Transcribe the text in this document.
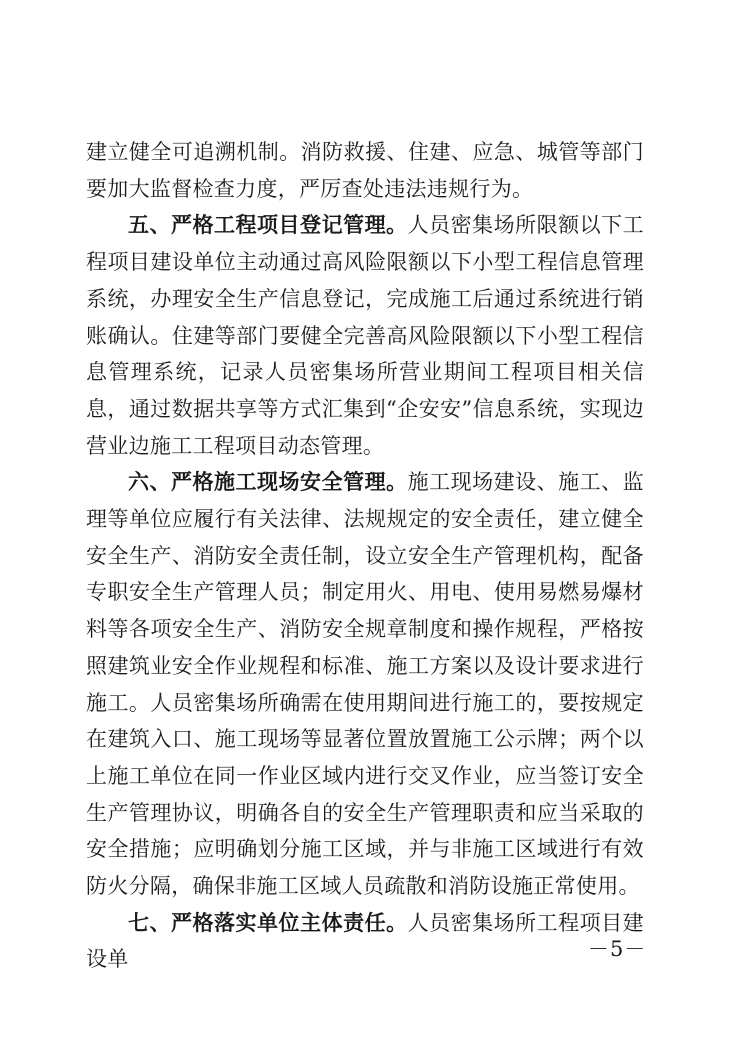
建立健全可追溯机制。消防救援、住建、应急、城管等部门要加大监督检查力度，严厉查处违法违规行为。

五、严格工程项目登记管理。人员密集场所限额以下工程项目建设单位主动通过高风险限额以下小型工程信息管理系统，办理安全生产信息登记，完成施工后通过系统进行销账确认。住建等部门要健全完善高风险限额以下小型工程信息管理系统，记录人员密集场所营业期间工程项目相关信息，通过数据共享等方式汇集到“企安安”信息系统，实现边营业边施工工程项目动态管理。

六、严格施工现场安全管理。施工现场建设、施工、监理等单位应履行有关法律、法规规定的安全责任，建立健全安全生产、消防安全责任制，设立安全生产管理机构，配备专职安全生产管理人员；制定用火、用电、使用易燃易爆材料等各项安全生产、消防安全规章制度和操作规程，严格按照建筑业安全作业规程和标准、施工方案以及设计要求进行施工。人员密集场所确需在使用期间进行施工的，要按规定在建筑入口、施工现场等显著位置放置施工公示牌；两个以上施工单位在同一作业区域内进行交叉作业，应当签订安全生产管理协议，明确各自的安全生产管理职责和应当采取的安全措施；应明确划分施工区域，并与非施工区域进行有效防火分隔，确保非施工区域人员疏散和消防设施正常使用。

七、严格落实单位主体责任。人员密集场所工程项目建设单	－5－
